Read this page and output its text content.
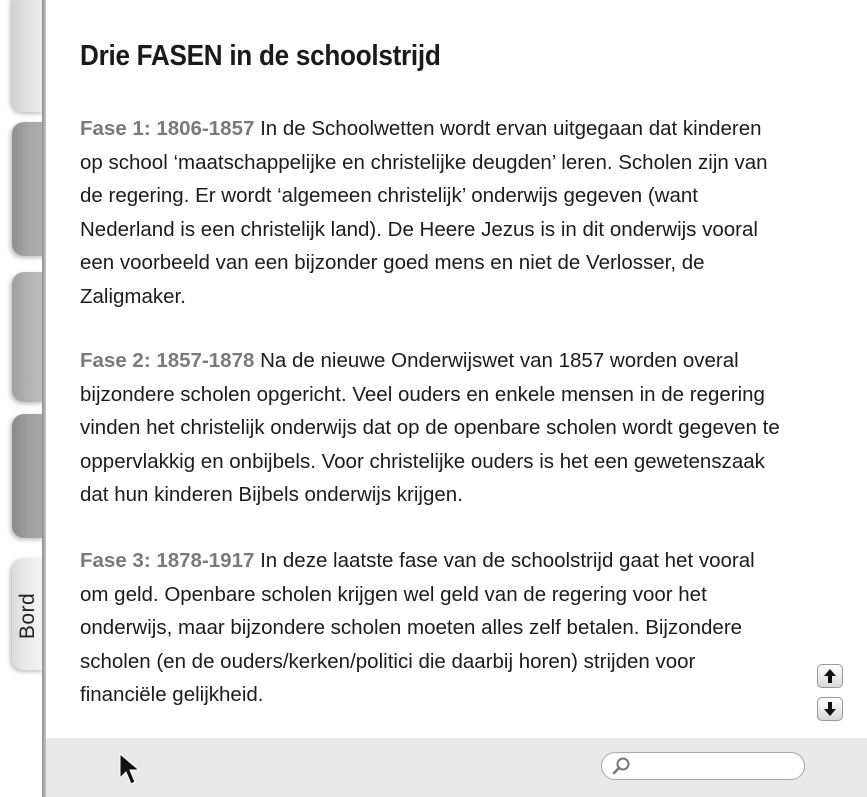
Bord
Drie FASEN in de schoolstrijd

Fase 1: 1806-1857 In de Schoolwetten wordt ervan uitgegaan dat kinderen op school ‘maatschappelijke en christelijke deugden’ leren. Scholen zijn van de regering. Er wordt ‘algemeen christelijk’ onderwijs gegeven (want Nederland is een christelijk land). De Heere Jezus is in dit onderwijs vooral een voorbeeld van een bijzonder goed mens en niet de Verlosser, de Zaligmaker.

Fase 2: 1857-1878 Na de nieuwe Onderwijswet van 1857 worden overal bijzondere scholen opgericht. Veel ouders en enkele mensen in de regering vinden het christelijk onderwijs dat op de openbare scholen wordt gegeven te oppervlakkig en onbijbels. Voor christelijke ouders is het een gewetenszaak dat hun kinderen Bijbels onderwijs krijgen.

Fase 3: 1878-1917 In deze laatste fase van de schoolstrijd gaat het vooral om geld. Openbare scholen krijgen wel geld van de regering voor het onderwijs, maar bijzondere scholen moeten alles zelf betalen. Bijzondere scholen (en de ouders/kerken/politici die daarbij horen) strijden voor financiële gelijkheid.
